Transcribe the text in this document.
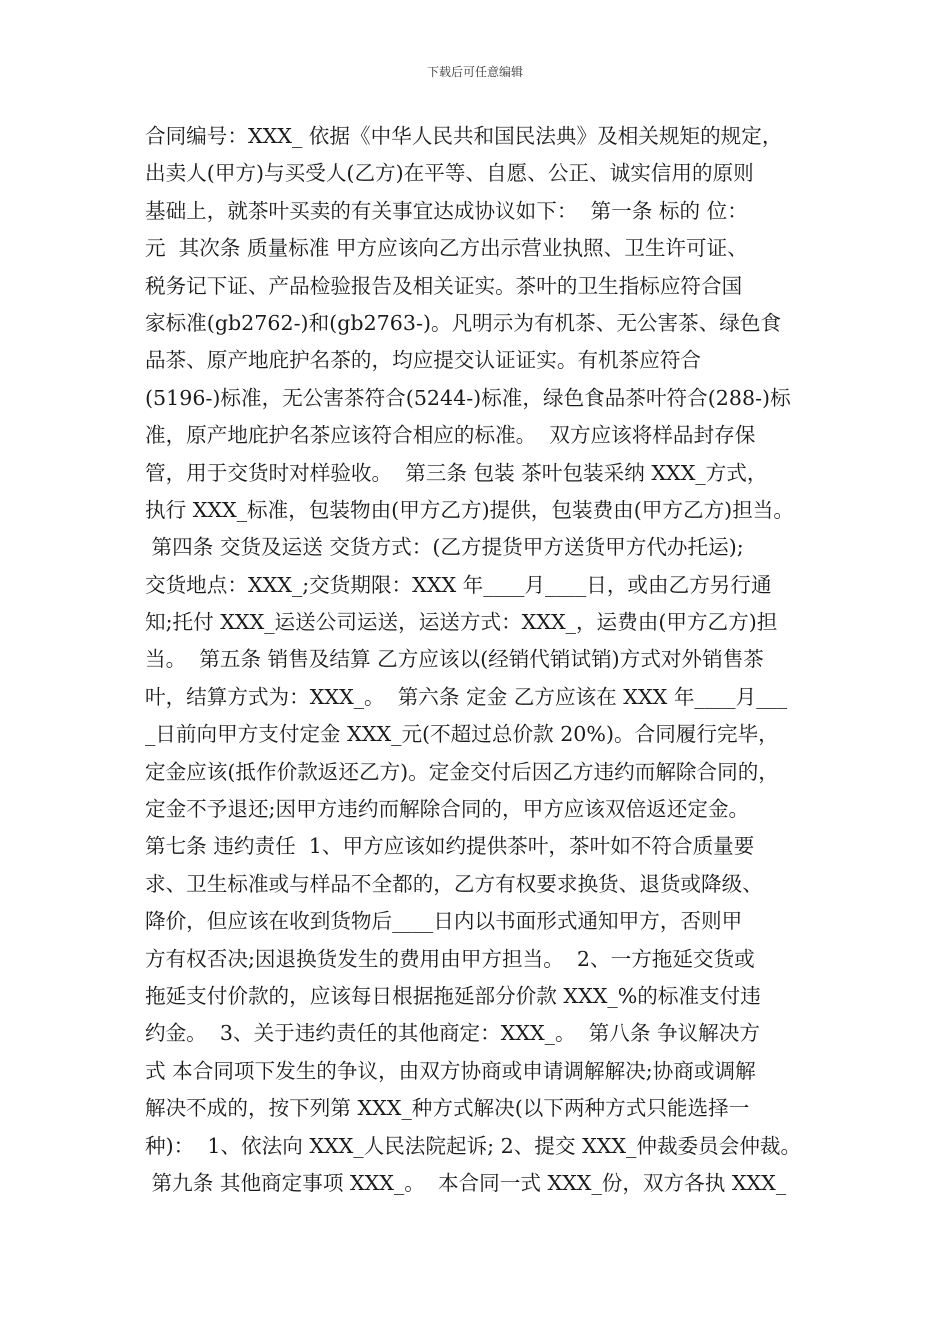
下载后可任意编辑
合同编号：XXX_ 依据《中华人民共和国民法典》及相关规矩的规定，
出卖人(甲方)与买受人(乙方)在平等、自愿、公正、诚实信用的原则
基础上，就茶叶买卖的有关事宜达成协议如下：  第一条 标的 位：
元  其次条 质量标准 甲方应该向乙方出示营业执照、卫生许可证、
税务记下证、产品检验报告及相关证实。茶叶的卫生指标应符合国
家标准(gb2762-)和(gb2763-)。凡明示为有机茶、无公害茶、绿色食
品茶、原产地庇护名茶的，均应提交认证证实。有机茶应符合
(5196-)标准，无公害茶符合(5244-)标准，绿色食品茶叶符合(288-)标
准，原产地庇护名茶应该符合相应的标准。  双方应该将样品封存保
管，用于交货时对样验收。  第三条 包装 茶叶包装采纳 XXX_方式，
执行 XXX_标准，包装物由(甲方乙方)提供，包装费由(甲方乙方)担当。
第四条 交货及运送 交货方式：(乙方提货甲方送货甲方代办托运);
交货地点：XXX_;交货期限：XXX 年____月____日，或由乙方另行通
知;托付 XXX_运送公司运送，运送方式：XXX_，运费由(甲方乙方)担
当。  第五条 销售及结算 乙方应该以(经销代销试销)方式对外销售茶
叶，结算方式为：XXX_。  第六条 定金 乙方应该在 XXX 年____月___
_日前向甲方支付定金 XXX_元(不超过总价款 20%)。合同履行完毕，
定金应该(抵作价款返还乙方)。定金交付后因乙方违约而解除合同的，
定金不予退还;因甲方违约而解除合同的，甲方应该双倍返还定金。
第七条 违约责任  1、甲方应该如约提供茶叶，茶叶如不符合质量要
求、卫生标准或与样品不全都的，乙方有权要求换货、退货或降级、
降价，但应该在收到货物后____日内以书面形式通知甲方，否则甲
方有权否决;因退换货发生的费用由甲方担当。  2、一方拖延交货或
拖延支付价款的，应该每日根据拖延部分价款 XXX_%的标准支付违
约金。  3、关于违约责任的其他商定：XXX_。  第八条 争议解决方
式 本合同项下发生的争议，由双方协商或申请调解解决;协商或调解
解决不成的，按下列第 XXX_种方式解决(以下两种方式只能选择一
种)：  1、依法向 XXX_人民法院起诉; 2、提交 XXX_仲裁委员会仲裁。
第九条 其他商定事项 XXX_。  本合同一式 XXX_份，双方各执 XXX_
